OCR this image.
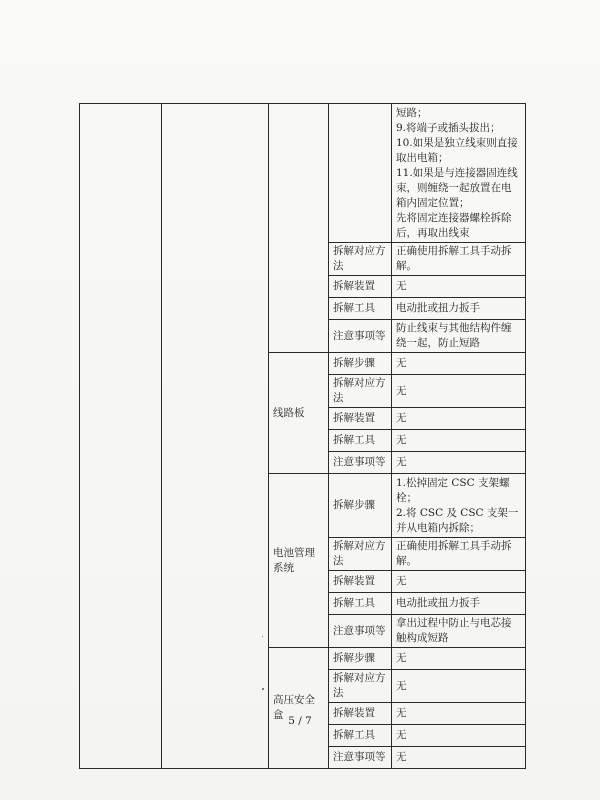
				短路；
9.将端子或插头拔出；
10.如果是独立线束则直接取出电箱；
11.如果是与连接器固连线束，则缠绕一起放置在电箱内固定位置；
先将固定连接器螺栓拆除后，再取出线束
			拆解对应方法	正确使用拆解工具手动拆解。
			拆解装置	无
			拆解工具	电动批或扭力扳手
			注意事项等	防止线束与其他结构件缠绕一起，防止短路
		线路板	拆解步骤	无
			拆解对应方法	无
			拆解装置	无
			拆解工具	无
			注意事项等	无
		电池管理系统	拆解步骤	1.松掉固定 CSC 支架螺栓；
2.将 CSC 及 CSC 支架一并从电箱内拆除；
			拆解对应方法	正确使用拆解工具手动拆解。
			拆解装置	无
			拆解工具	电动批或扭力扳手
			注意事项等	拿出过程中防止与电芯接触构成短路
		高压安全盒	拆解步骤	无
			拆解对应方法	无
			拆解装置	无
			拆解工具	无
			注意事项等	无
5 / 7
